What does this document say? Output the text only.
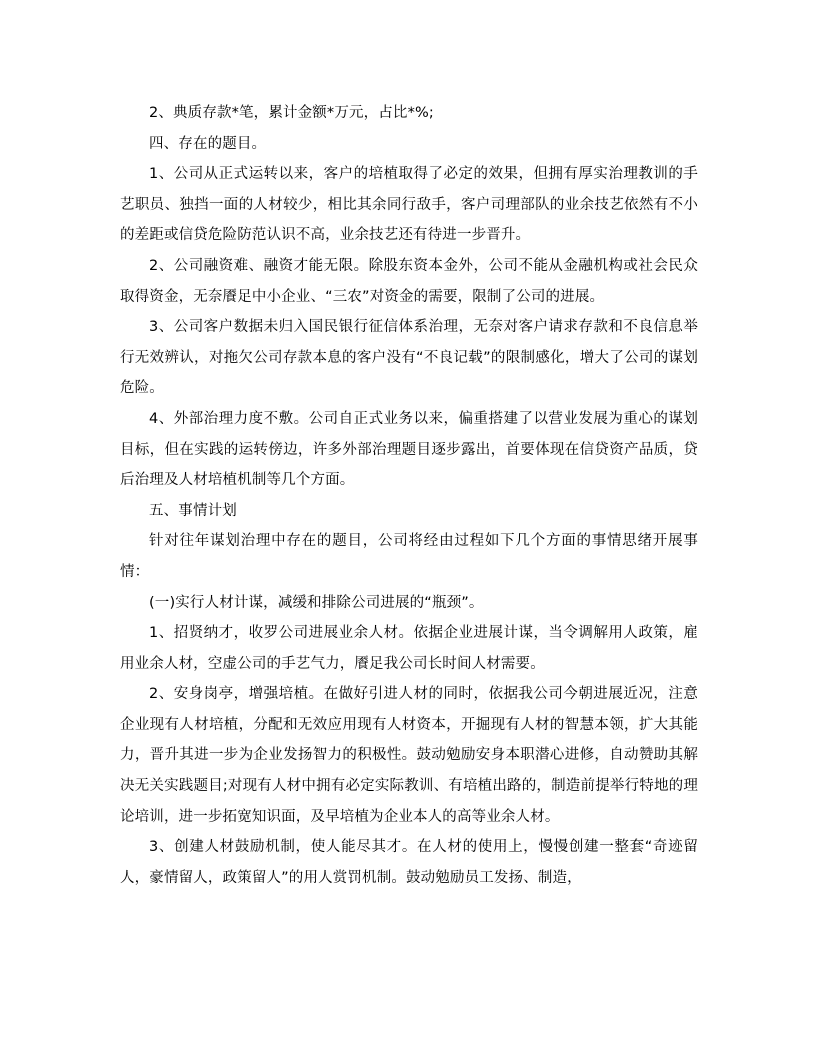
2、典质存款*笔，累计金额*万元，占比*%;

四、存在的题目。

1、公司从正式运转以来，客户的培植取得了必定的效果，但拥有厚实治理教训的手艺职员、独挡一面的人材较少，相比其余同行敌手，客户司理部队的业余技艺依然有不小的差距或信贷危险防范认识不高，业余技艺还有待进一步晋升。

2、公司融资难、融资才能无限。除股东资本金外，公司不能从金融机构或社会民众取得资金，无奈餍足中小企业、“三农”对资金的需要，限制了公司的进展。

3、公司客户数据未归入国民银行征信体系治理，无奈对客户请求存款和不良信息举行无效辨认，对拖欠公司存款本息的客户没有“不良记载”的限制感化，增大了公司的谋划危险。

4、外部治理力度不敷。公司自正式业务以来，偏重搭建了以营业发展为重心的谋划目标，但在实践的运转傍边，许多外部治理题目逐步露出，首要体现在信贷资产品质，贷后治理及人材培植机制等几个方面。

五、事情计划

针对往年谋划治理中存在的题目，公司将经由过程如下几个方面的事情思绪开展事情：

(一)实行人材计谋，减缓和排除公司进展的“瓶颈”。

1、招贤纳才，收罗公司进展业余人材。依据企业进展计谋，当令调解用人政策，雇用业余人材，空虚公司的手艺气力，餍足我公司长时间人材需要。

2、安身岗亭，增强培植。在做好引进人材的同时，依据我公司今朝进展近况，注意企业现有人材培植，分配和无效应用现有人材资本，开掘现有人材的智慧本领，扩大其能力，晋升其进一步为企业发扬智力的积极性。鼓动勉励安身本职潜心进修，自动赞助其解决无关实践题目;对现有人材中拥有必定实际教训、有培植出路的，制造前提举行特地的理论培训，进一步拓宽知识面，及早培植为企业本人的高等业余人材。

3、创建人材鼓励机制，使人能尽其才。在人材的使用上，慢慢创建一整套“奇迹留人，豪情留人，政策留人”的用人赏罚机制。鼓动勉励员工发扬、制造，
